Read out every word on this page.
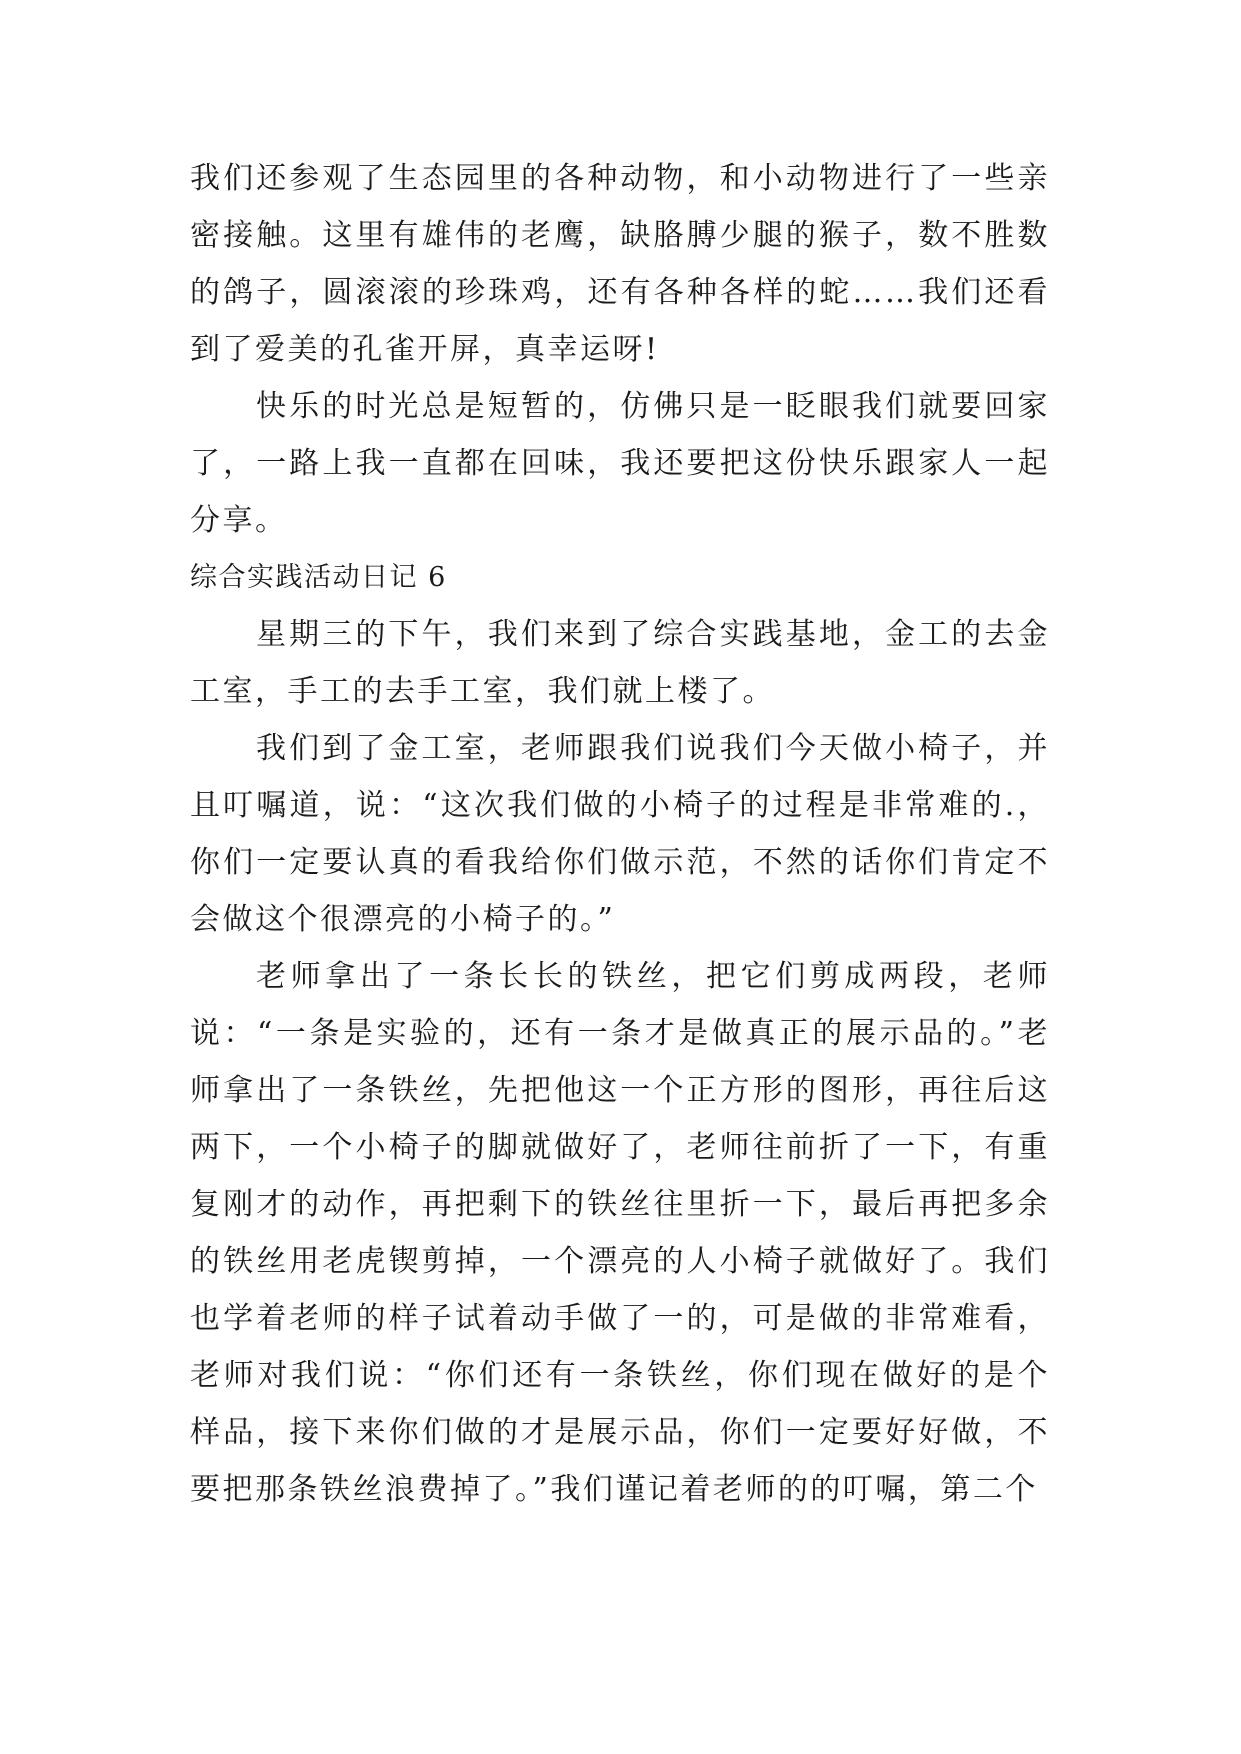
我们还参观了生态园里的各种动物，和小动物进行了一些亲密接触。这里有雄伟的老鹰，缺胳膊少腿的猴子，数不胜数的鸽子，圆滚滚的珍珠鸡，还有各种各样的蛇……我们还看到了爱美的孔雀开屏，真幸运呀!

快乐的时光总是短暂的，仿佛只是一眨眼我们就要回家了，一路上我一直都在回味，我还要把这份快乐跟家人一起分享。

综合实践活动日记 6

星期三的下午，我们来到了综合实践基地，金工的去金工室，手工的去手工室，我们就上楼了。

我们到了金工室，老师跟我们说我们今天做小椅子，并且叮嘱道，说：“这次我们做的小椅子的过程是非常难的.，你们一定要认真的看我给你们做示范，不然的话你们肯定不会做这个很漂亮的小椅子的。”

老师拿出了一条长长的铁丝，把它们剪成两段，老师说：“一条是实验的，还有一条才是做真正的展示品的。”老师拿出了一条铁丝，先把他这一个正方形的图形，再往后这两下，一个小椅子的脚就做好了，老师往前折了一下，有重复刚才的动作，再把剩下的铁丝往里折一下，最后再把多余的铁丝用老虎锲剪掉，一个漂亮的人小椅子就做好了。我们也学着老师的样子试着动手做了一的，可是做的非常难看，老师对我们说：“你们还有一条铁丝，你们现在做好的是个样品，接下来你们做的才是展示品，你们一定要好好做，不要把那条铁丝浪费掉了。”我们谨记着老师的的叮嘱，第二个
